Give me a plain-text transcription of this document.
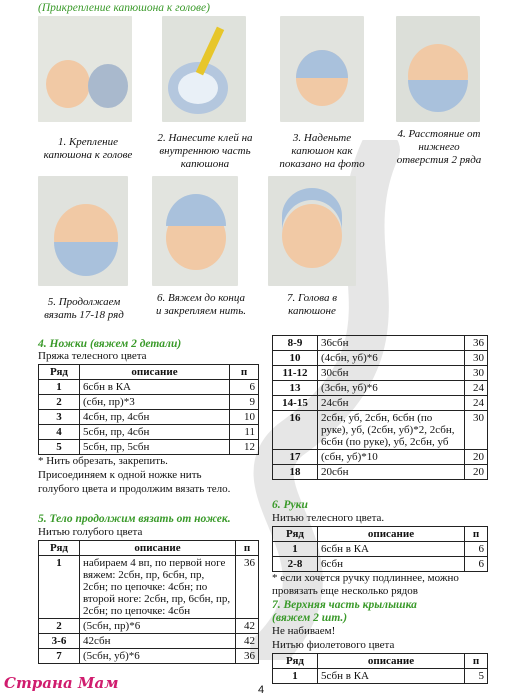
(Прикрепление капюшона к голове)
1. Крепление
капюшона к голове
2. Нанесите клей на
внутреннюю часть
капюшона
3. Наденьте
капюшон как
показано на фото
4. Расстояние от
нижнего
отверстия 2 ряда
5. Продолжаем
вязать 17-18 ряд
6. Вяжем до конца
и закрепляем нить.
7. Голова в
капюшоне
4. Ножки (вяжем 2 детали)
Пряжа телесного цвета
Ряд	описание	п
1	6сбн в КА	6
2	(сбн, пр)*3	9
3	4сбн, пр, 4сбн	10
4	5сбн, пр, 4сбн	11
5	5сбн, пр, 5сбн	12
* Нить обрезать, закрепить.
Присоединяем к одной ножке нить
голубого цвета и продолжим вязать тело.
5. Тело продолжим вязать от ножек.
Нитью голубого цвета
Ряд	описание	п
1	набираем 4 вп, по первой ноге вяжем: 2сбн, пр, 6сбн, пр, 2сбн; по цепочке: 4сбн; по второй ноге: 2сбн, пр, 6сбн, пр, 2сбн; по цепочке: 4сбн	36
2	(5сбн, пр)*6	42
3-6	42сбн	42
7	(5сбн, уб)*6	36
8-9	36сбн	36
10	(4сбн, уб)*6	30
11-12	30сбн	30
13	(3сбн, уб)*6	24
14-15	24сбн	24
16	2сбн, уб, 2сбн, 6сбн (по руке), уб, (2сбн, уб)*2, 2сбн, 6сбн (по руке), уб, 2сбн, уб	30
17	(сбн, уб)*10	20
18	20сбн	20
6. Руки
Нитью телесного цвета.
Ряд	описание	п
1	6сбн в КА	6
2-8	6сбн	6
* если хочется ручку подлиннее, можно
провязать еще несколько рядов
7. Верхняя часть крылышка
(вяжем 2 шт.)
Не набиваем!
Нитью фиолетового цвета
Ряд	описание	п
1	5сбн в КА	5
Страна Мам	4
